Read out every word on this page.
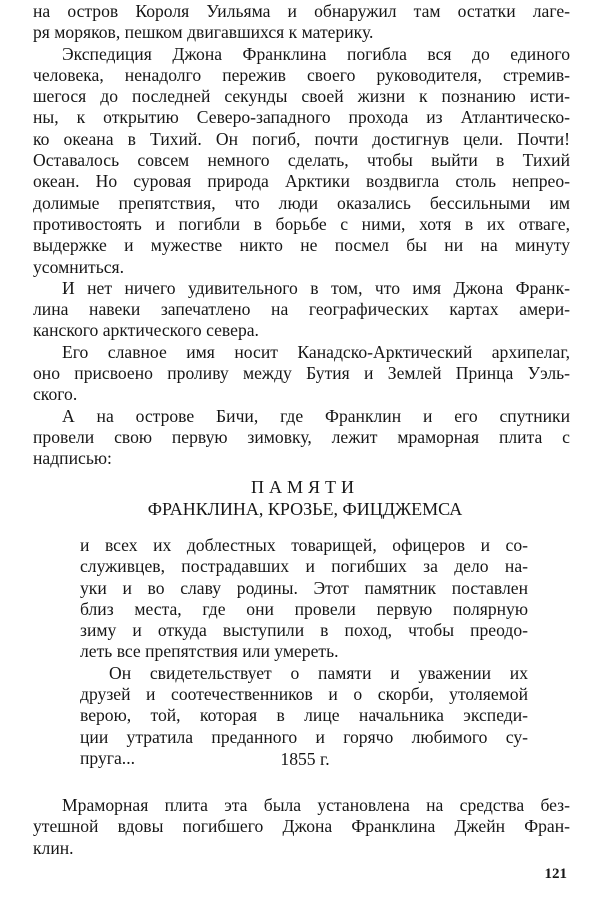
на остров Короля Уильяма и обнаружил там остатки лаге-
ря моряков, пешком двигавшихся к материку.
Экспедиция Джона Франклина погибла вся до единого
человека, ненадолго пережив своего руководителя, стремив-
шегося до последней секунды своей жизни к познанию исти-
ны, к открытию Северо-западного прохода из Атлантическо-
ко океана в Тихий. Он погиб, почти достигнув цели. Почти!
Оставалось совсем немного сделать, чтобы выйти в Тихий
океан. Но суровая природа Арктики воздвигла столь непрео-
долимые препятствия, что люди оказались бессильными им
противостоять и погибли в борьбе с ними, хотя в их отваге,
выдержке и мужестве никто не посмел бы ни на минуту
усомниться.
И нет ничего удивительного в том, что имя Джона Франк-
лина навеки запечатлено на географических картах амери-
канского арктического севера.
Его славное имя носит Канадско-Арктический архипелаг,
оно присвоено проливу между Бутия и Землей Принца Уэль-
ского.
А на острове Бичи, где Франклин и его спутники
провели свою первую зимовку, лежит мраморная плита с
надписью:
ПАМЯТИ
ФРАНКЛИНА, КРОЗЬЕ, ФИЦДЖЕМСА
и всех их доблестных товарищей, офицеров и со-
служивцев, пострадавших и погибших за дело на-
уки и во славу родины. Этот памятник поставлен
близ места, где они провели первую полярную
зиму и откуда выступили в поход, чтобы преодо-
леть все препятствия или умереть.
Он свидетельствует о памяти и уважении их
друзей и соотечественников и о скорби, утоляемой
верою, той, которая в лице начальника экспеди-
ции утратила преданного и горячо любимого су-
пруга...	1855 г.
Мраморная плита эта была установлена на средства без-
утешной вдовы погибшего Джона Франклина Джейн Фран-
клин.
121
